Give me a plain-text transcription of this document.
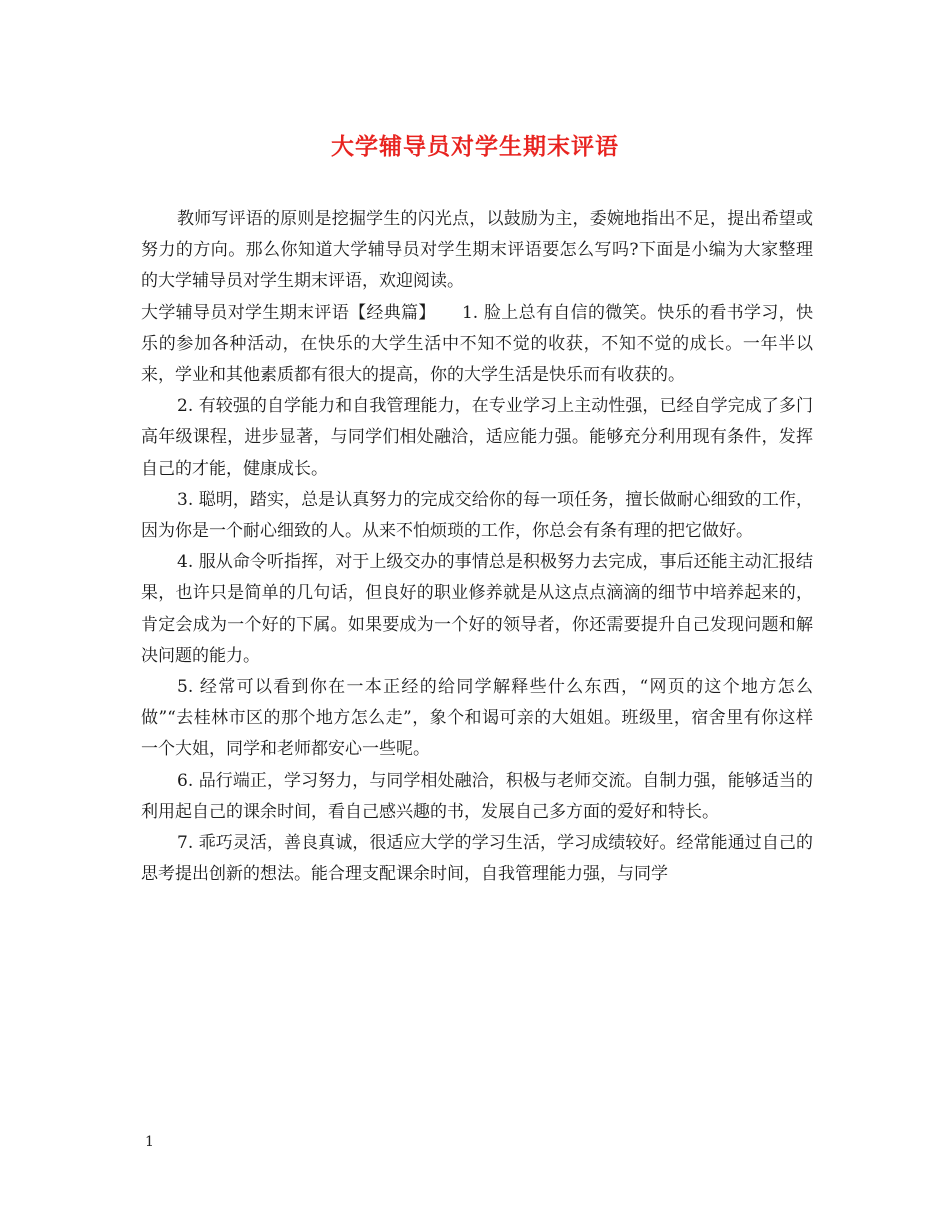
大学辅导员对学生期末评语

教师写评语的原则是挖掘学生的闪光点，以鼓励为主，委婉地指出不足，提出希望或努力的方向。那么你知道大学辅导员对学生期末评语要怎么写吗?下面是小编为大家整理的大学辅导员对学生期末评语，欢迎阅读。

大学辅导员对学生期末评语【经典篇】　　 1. 脸上总有自信的微笑。快乐的看书学习，快乐的参加各种活动，在快乐的大学生活中不知不觉的收获，不知不觉的成长。一年半以来，学业和其他素质都有很大的提高，你的大学生活是快乐而有收获的。

2. 有较强的自学能力和自我管理能力，在专业学习上主动性强，已经自学完成了多门高年级课程，进步显著，与同学们相处融洽，适应能力强。能够充分利用现有条件，发挥自己的才能，健康成长。

3. 聪明，踏实，总是认真努力的完成交给你的每一项任务，擅长做耐心细致的工作，因为你是一个耐心细致的人。从来不怕烦琐的工作，你总会有条有理的把它做好。

4. 服从命令听指挥，对于上级交办的事情总是积极努力去完成，事后还能主动汇报结果，也许只是简单的几句话，但良好的职业修养就是从这点点滴滴的细节中培养起来的，肯定会成为一个好的下属。如果要成为一个好的领导者，你还需要提升自己发现问题和解决问题的能力。

5. 经常可以看到你在一本正经的给同学解释些什么东西，“网页的这个地方怎么做”“去桂林市区的那个地方怎么走”，象个和谒可亲的大姐姐。班级里，宿舍里有你这样一个大姐，同学和老师都安心一些呢。

6. 品行端正，学习努力，与同学相处融洽，积极与老师交流。自制力强，能够适当的利用起自己的课余时间，看自己感兴趣的书，发展自己多方面的爱好和特长。

7. 乖巧灵活，善良真诚，很适应大学的学习生活，学习成绩较好。经常能通过自己的思考提出创新的想法。能合理支配课余时间，自我管理能力强，与同学

1
